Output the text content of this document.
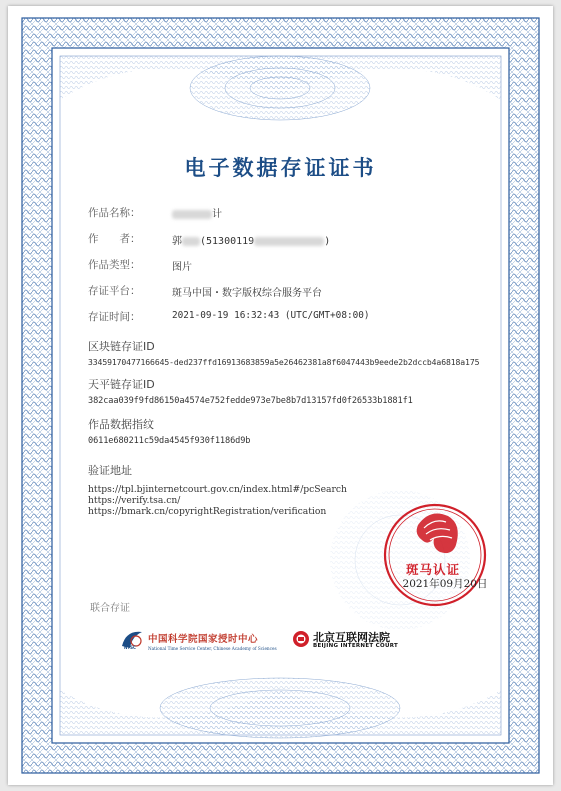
电子数据存证证书
作品名称：	计
作　　者：	郭 (51300119	)
作品类型：	图片
存证平台：	斑马中国・数字版权综合服务平台
存证时间：	2021-09-19 16:32:43 (UTC/GMT+08:00)
区块链存证ID
33459170477166645-ded237ffd16913683859a5e26462381a8f6047443b9eede2b2dccb4a6818a175
天平链存证ID
382caa039f9fd86150a4574e752fedde973e7be8b7d13157fd0f26533b1881f1
作品数据指纹
0611e680211c59da4545f930f1186d9b
验证地址
https://tpl.bjinternetcourt.gov.cn/index.html#/pcSearch
https://verify.tsa.cn/
https://bmark.cn/copyrightRegistration/verification
斑马认证
2021年09月20日
联合存证
中国科学院国家授时中心
National Time Service Center, Chinese Academy of Sciences
NTSC
北京互联网法院
BEIJING INTERNET COURT
